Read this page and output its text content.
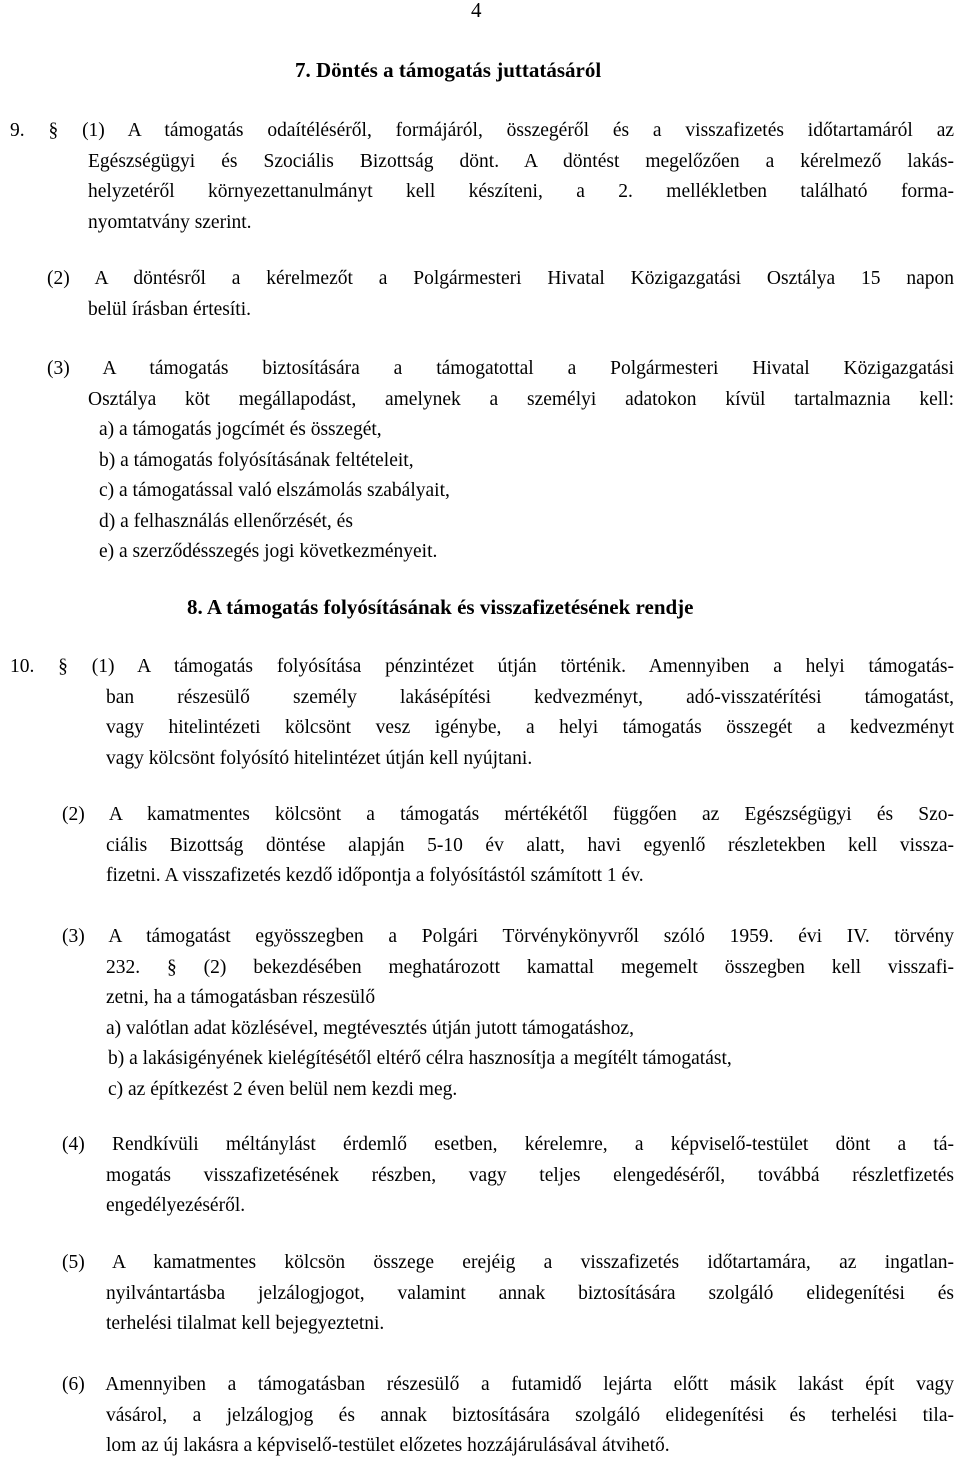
4
7. Döntés a támogatás juttatásáról
9. § (1) A támogatás odaítéléséről, formájáról, összegéről és a visszafizetés időtartamáról az
Egészségügyi és Szociális Bizottság dönt. A döntést megelőzően a kérelmező lakás-
helyzetéről környezettanulmányt kell készíteni, a 2. mellékletben található forma-
nyomtatvány szerint.
(2) A döntésről a kérelmezőt a Polgármesteri Hivatal Közigazgatási Osztálya 15 napon
belül írásban értesíti.
(3) A támogatás biztosítására a támogatottal a Polgármesteri Hivatal Közigazgatási
Osztálya köt megállapodást, amelynek a személyi adatokon kívül tartalmaznia kell:
a) a támogatás jogcímét és összegét,
b) a támogatás folyósításának feltételeit,
c) a támogatással való elszámolás szabályait,
d) a felhasználás ellenőrzését, és
e) a szerződésszegés jogi következményeit.
8. A támogatás folyósításának és visszafizetésének rendje
10. § (1) A támogatás folyósítása pénzintézet útján történik. Amennyiben a helyi támogatás-
ban részesülő személy lakásépítési kedvezményt, adó-visszatérítési támogatást,
vagy hitelintézeti kölcsönt vesz igénybe, a helyi támogatás összegét a kedvezményt
vagy kölcsönt folyósító hitelintézet útján kell nyújtani.
(2) A kamatmentes kölcsönt a támogatás mértékétől függően az Egészségügyi és Szo-
ciális Bizottság döntése alapján 5-10 év alatt, havi egyenlő részletekben kell vissza-
fizetni. A visszafizetés kezdő időpontja a folyósítástól számított 1 év.
(3) A támogatást egyösszegben a Polgári Törvénykönyvről szóló 1959. évi IV. törvény
232. § (2) bekezdésében meghatározott kamattal megemelt összegben kell visszafi-
zetni, ha a támogatásban részesülő
a) valótlan adat közlésével, megtévesztés útján jutott támogatáshoz,
b) a lakásigényének kielégítésétől eltérő célra hasznosítja a megítélt támogatást,
c) az építkezést 2 éven belül nem kezdi meg.
(4) Rendkívüli méltánylást érdemlő esetben, kérelemre, a képviselő-testület dönt a tá-
mogatás visszafizetésének részben, vagy teljes elengedéséről, továbbá részletfizetés
engedélyezéséről.
(5) A kamatmentes kölcsön összege erejéig a visszafizetés időtartamára, az ingatlan-
nyilvántartásba jelzálogjogot, valamint annak biztosítására szolgáló elidegenítési és
terhelési tilalmat kell bejegyeztetni.
(6) Amennyiben a támogatásban részesülő a futamidő lejárta előtt másik lakást épít vagy
vásárol, a jelzálogjog és annak biztosítására szolgáló elidegenítési és terhelési tila-
lom az új lakásra a képviselő-testület előzetes hozzájárulásával átvihető.
